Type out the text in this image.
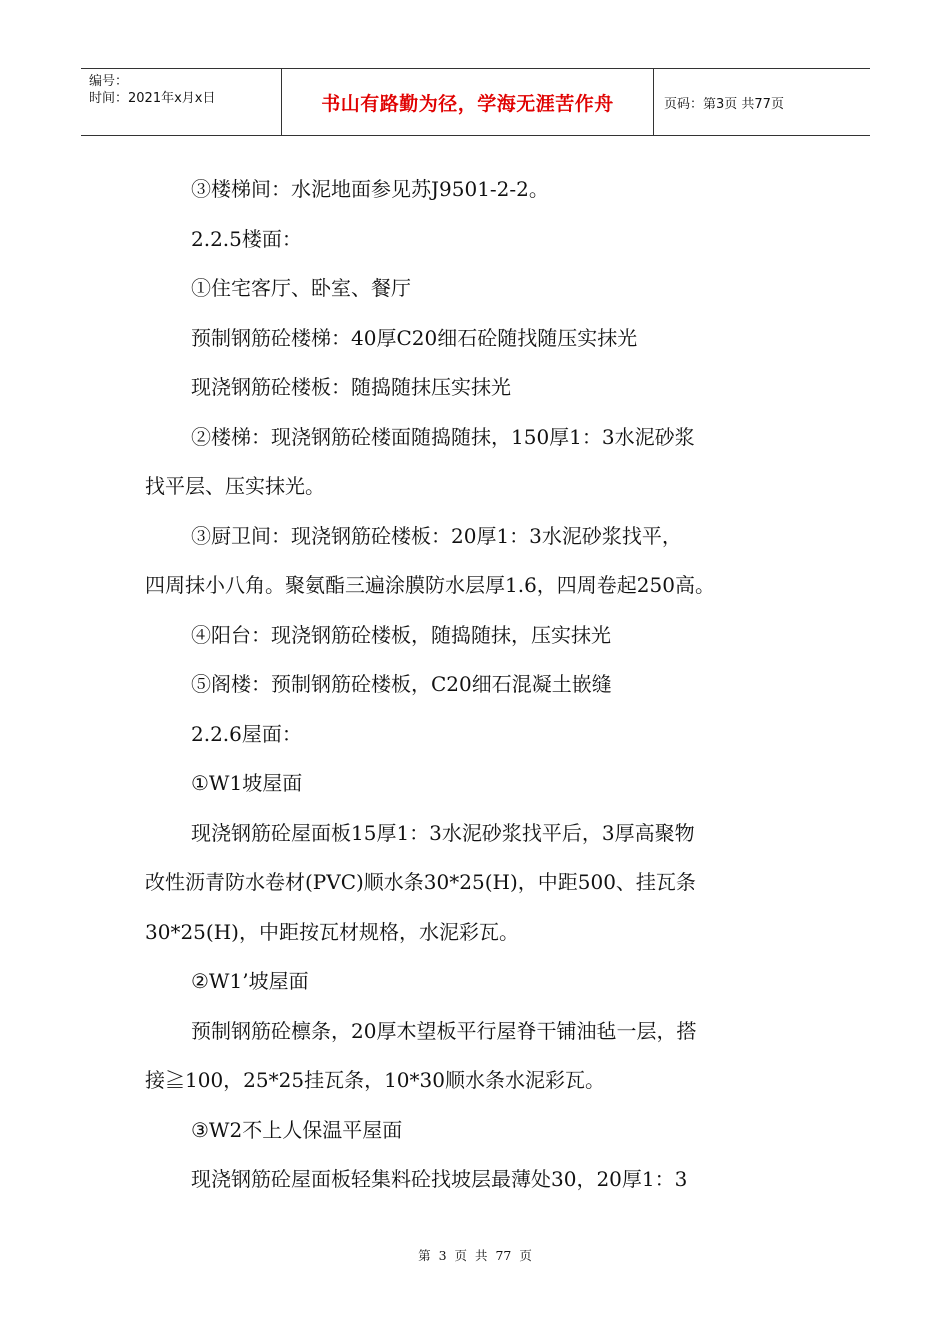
编号：
时间：2021年x月x日	书山有路勤为径，学海无涯苦作舟	页码：第3页 共77页

③楼梯间：水泥地面参见苏J9501-2-2。

2.2.5楼面：

①住宅客厅、卧室、餐厅

预制钢筋砼楼梯：40厚C20细石砼随找随压实抹光

现浇钢筋砼楼板：随捣随抹压实抹光

②楼梯：现浇钢筋砼楼面随捣随抹，150厚1：3水泥砂浆

找平层、压实抹光。

③厨卫间：现浇钢筋砼楼板：20厚1：3水泥砂浆找平，

四周抹小八角。聚氨酯三遍涂膜防水层厚1.6，四周卷起250高。

④阳台：现浇钢筋砼楼板，随捣随抹，压实抹光

⑤阁楼：预制钢筋砼楼板，C20细石混凝土嵌缝

2.2.6屋面：

①W1坡屋面

现浇钢筋砼屋面板15厚1：3水泥砂浆找平后，3厚高聚物

改性沥青防水卷材(PVC)顺水条30*25(H)，中距500、挂瓦条

30*25(H)，中距按瓦材规格，水泥彩瓦。

②W1’坡屋面

预制钢筋砼檩条，20厚木望板平行屋脊干铺油毡一层，搭

接≧100，25*25挂瓦条，10*30顺水条水泥彩瓦。

③W2不上人保温平屋面

现浇钢筋砼屋面板轻集料砼找坡层最薄处30，20厚1：3

第 3 页 共 77 页
